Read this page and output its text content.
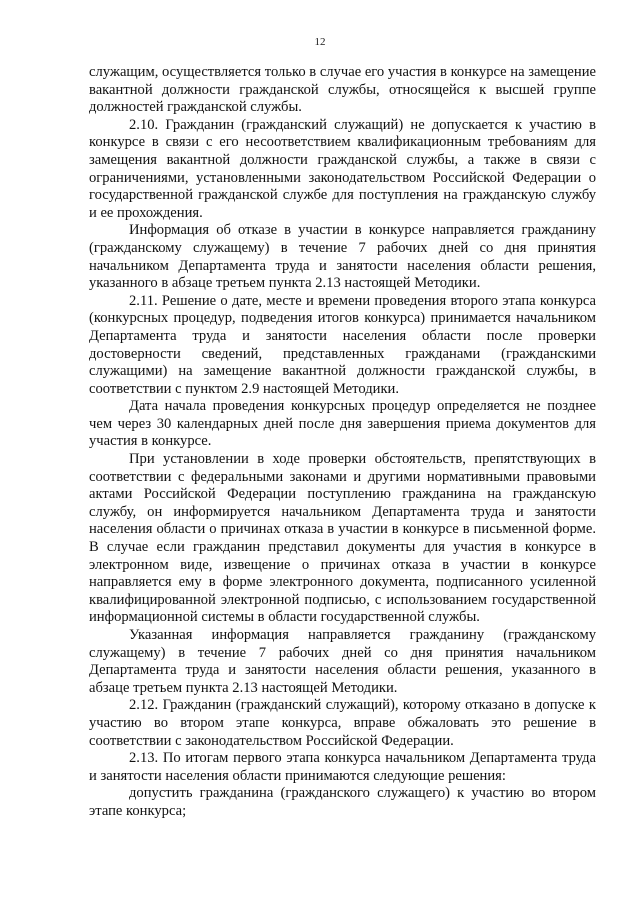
12

служащим, осуществляется только в случае его участия в конкурсе на замещение вакантной должности гражданской службы, относящейся к высшей группе должностей гражданской службы.

2.10. Гражданин (гражданский служащий) не допускается к участию в конкурсе в связи с его несоответствием квалификационным требованиям для замещения вакантной должности гражданской службы, а также в связи с ограничениями, установленными законодательством Российской Федерации о государственной гражданской службе для поступления на гражданскую службу и ее прохождения.

Информация об отказе в участии в конкурсе направляется гражданину (гражданскому служащему) в течение 7 рабочих дней со дня принятия начальником Департамента труда и занятости населения области решения, указанного в абзаце третьем пункта 2.13 настоящей Методики.

2.11. Решение о дате, месте и времени проведения второго этапа конкурса (конкурсных процедур, подведения итогов конкурса) принимается начальником Департамента труда и занятости населения области после проверки достоверности сведений, представленных гражданами (гражданскими служащими) на замещение вакантной должности гражданской службы, в соответствии с пунктом 2.9 настоящей Методики.

Дата начала проведения конкурсных процедур определяется не позднее чем через 30 календарных дней после дня завершения приема документов для участия в конкурсе.

При установлении в ходе проверки обстоятельств, препятствующих в соответствии с федеральными законами и другими нормативными правовыми актами Российской Федерации поступлению гражданина на гражданскую службу, он информируется начальником Департамента труда и занятости населения области о причинах отказа в участии в конкурсе в письменной форме. В случае если гражданин представил документы для участия в конкурсе в электронном виде, извещение о причинах отказа в участии в конкурсе направляется ему в форме электронного документа, подписанного усиленной квалифицированной электронной подписью, с использованием государственной информационной системы в области государственной службы.

Указанная информация направляется гражданину (гражданскому служащему) в течение 7 рабочих дней со дня принятия начальником Департамента труда и занятости населения области решения, указанного в абзаце третьем пункта 2.13 настоящей Методики.

2.12. Гражданин (гражданский служащий), которому отказано в допуске к участию во втором этапе конкурса, вправе обжаловать это решение в соответствии с законодательством Российской Федерации.

2.13. По итогам первого этапа конкурса начальником Департамента труда и занятости населения области принимаются следующие решения:

допустить гражданина (гражданского служащего) к участию во втором этапе конкурса;
